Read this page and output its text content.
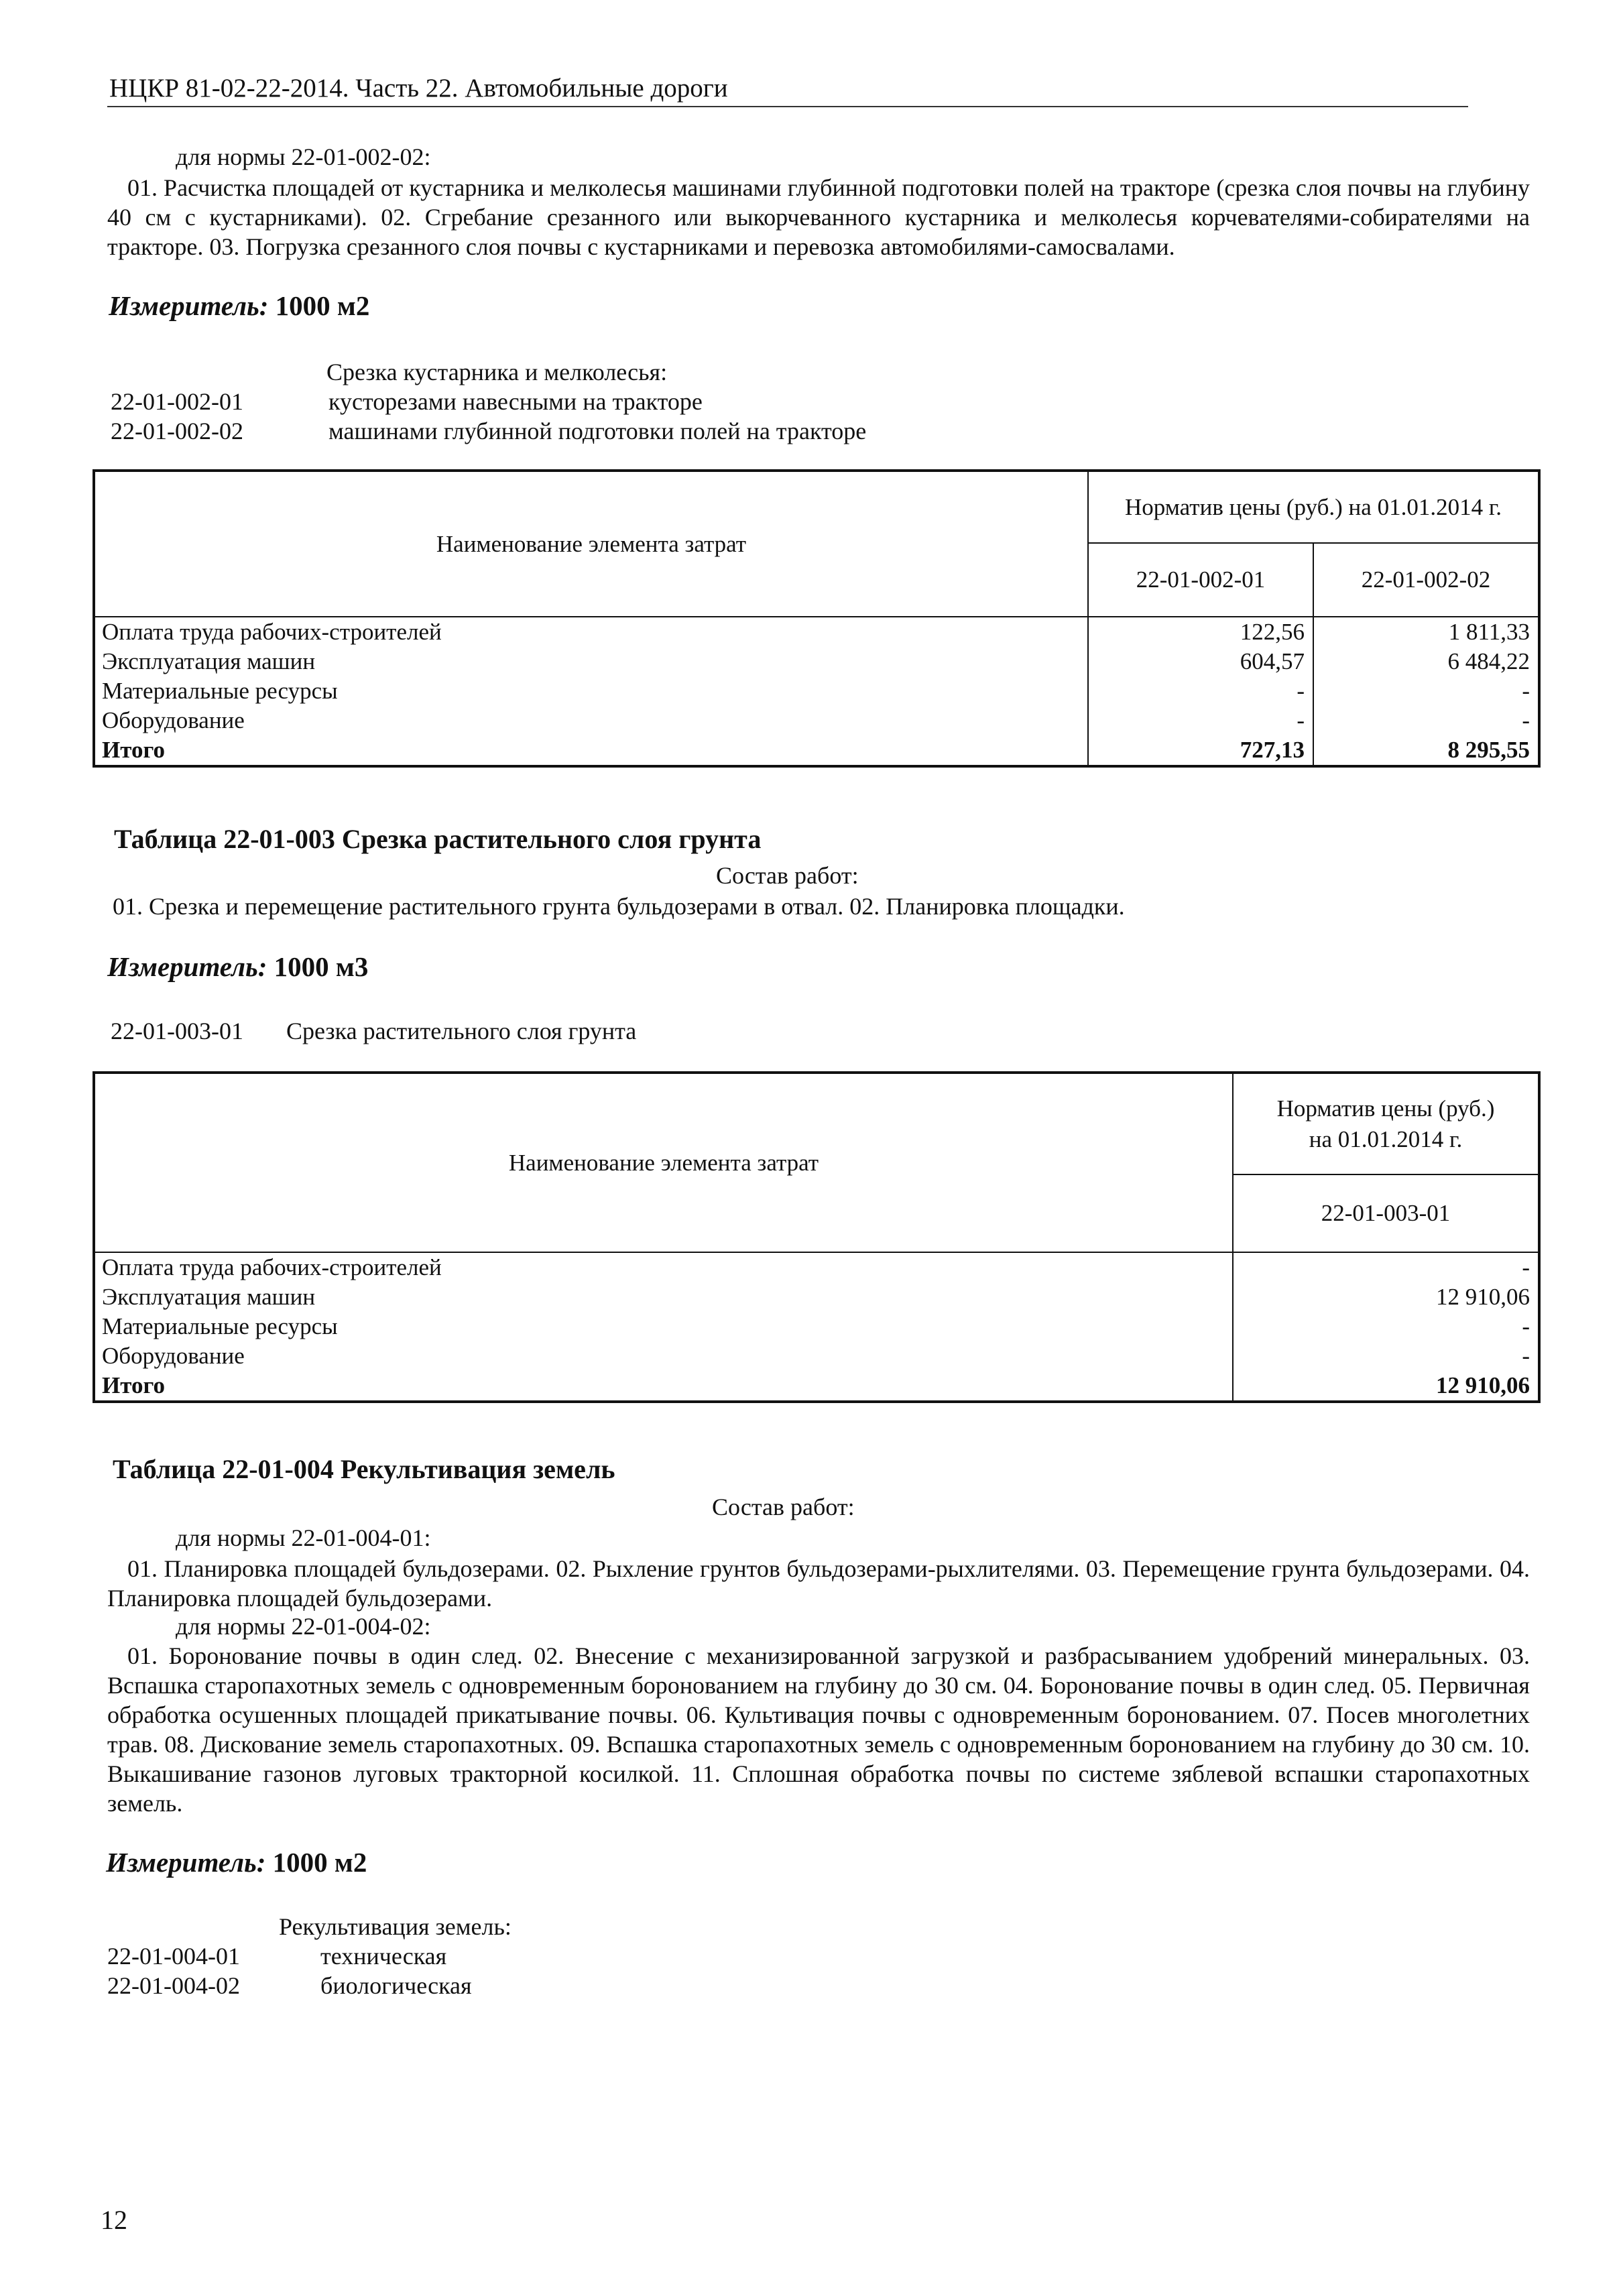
НЦКР 81-02-22-2014. Часть 22. Автомобильные дороги
для нормы 22-01-002-02:
01. Расчистка площадей от кустарника и мелколесья машинами глубинной подготовки полей на тракторе (срезка слоя почвы на глубину 40 см с кустарниками). 02. Сгребание срезанного или выкорчеванного кустарника и мелколесья корчевателями-собирателями на тракторе. 03. Погрузка срезанного слоя почвы с кустарниками и перевозка автомобилями-самосвалами.
Измеритель: 1000 м2
Срезка кустарника и мелколесья:
22-01-002-01	кусторезами навесными на тракторе
22-01-002-02	машинами глубинной подготовки полей на тракторе
Наименование элемента затрат	Норматив цены (руб.) на 01.01.2014 г.	
	22-01-002-01	22-01-002-02
Оплата труда рабочих-строителей	122,56	1 811,33
Эксплуатация машин	604,57	6 484,22
Материальные ресурсы	-	-
Оборудование	-	-
Итого	727,13	8 295,55
Таблица 22-01-003 Срезка растительного слоя грунта
Состав работ:
01. Срезка и перемещение растительного грунта бульдозерами в отвал. 02. Планировка площадки.
Измеритель: 1000 м3
22-01-003-01 Срезка растительного слоя грунта
Наименование элемента затрат	Норматив цены (руб.)
на 01.01.2014 г.

	22-01-003-01
Оплата труда рабочих-строителей	-
Эксплуатация машин	12 910,06
Материальные ресурсы	-
Оборудование	-
Итого	12 910,06
Таблица 22-01-004 Рекультивация земель
Состав работ:
для нормы 22-01-004-01:
01. Планировка площадей бульдозерами. 02. Рыхление грунтов бульдозерами-рыхлителями. 03. Перемещение грунта бульдозерами. 04. Планировка площадей бульдозерами.
для нормы 22-01-004-02:
01. Боронование почвы в один след. 02. Внесение с механизированной загрузкой и разбрасыванием удобрений минеральных. 03. Вспашка старопахотных земель с одновременным боронованием на глубину до 30 см. 04. Боронование почвы в один след. 05. Первичная обработка осушенных площадей прикатывание почвы. 06. Культивация почвы с одновременным боронованием. 07. Посев многолетних трав. 08. Дискование земель старопахотных. 09. Вспашка старопахотных земель с одновременным боронованием на глубину до 30 см. 10. Выкашивание газонов луговых тракторной косилкой. 11. Сплошная обработка почвы по системе зяблевой вспашки старопахотных земель.
Измеритель: 1000 м2
Рекультивация земель:
22-01-004-01	техническая
22-01-004-02	биологическая
12
